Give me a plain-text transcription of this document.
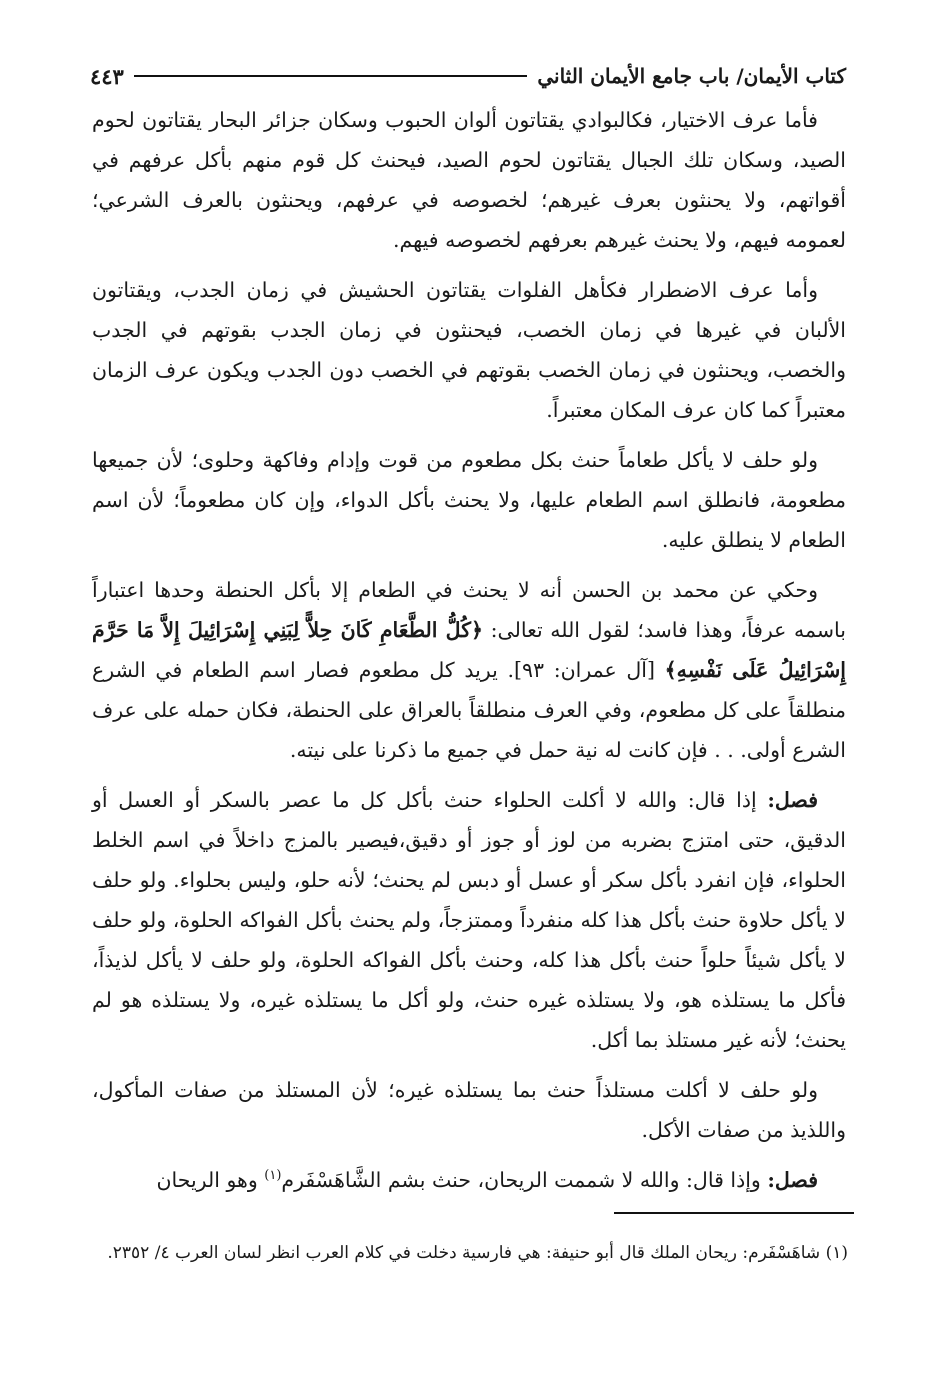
كتاب الأيمان/ باب جامع الأيمان الثاني
٤٤٣

فأما عرف الاختيار، فكالبوادي يقتاتون ألوان الحبوب وسكان جزائر البحار يقتاتون لحوم الصيد، وسكان تلك الجبال يقتاتون لحوم الصيد، فيحنث كل قوم منهم بأكل عرفهم في أقواتهم، ولا يحنثون بعرف غيرهم؛ لخصوصه في عرفهم، ويحنثون بالعرف الشرعي؛ لعمومه فيهم، ولا يحنث غيرهم بعرفهم لخصوصه فيهم.

وأما عرف الاضطرار فكأهل الفلوات يقتاتون الحشيش في زمان الجدب، ويقتاتون الألبان في غيرها في زمان الخصب، فيحنثون في زمان الجدب بقوتهم في الجدب والخصب، ويحنثون في زمان الخصب بقوتهم في الخصب دون الجدب ويكون عرف الزمان معتبراً كما كان عرف المكان معتبراً.

ولو حلف لا يأكل طعاماً حنث بكل مطعوم من قوت وإدام وفاكهة وحلوى؛ لأن جميعها مطعومة، فانطلق اسم الطعام عليها، ولا يحنث بأكل الدواء، وإن كان مطعوماً؛ لأن اسم الطعام لا ينطلق عليه.

وحكي عن محمد بن الحسن أنه لا يحنث في الطعام إلا بأكل الحنطة وحدها اعتباراً باسمه عرفاً، وهذا فاسد؛ لقول الله تعالى: ﴿كُلُّ الطَّعَامِ كَانَ حِلاًّ لِبَنِي إِسْرَائِيلَ إِلاَّ مَا حَرَّمَ إِسْرَائِيلُ عَلَى نَفْسِهِ﴾ [آل عمران: ٩٣]. يريد كل مطعوم فصار اسم الطعام في الشرع منطلقاً على كل مطعوم، وفي العرف منطلقاً بالعراق على الحنطة، فكان حمله على عرف الشرع أولى. . . فإن كانت له نية حمل في جميع ما ذكرنا على نيته.

فصل: إذا قال: والله لا أكلت الحلواء حنث بأكل كل ما عصر بالسكر أو العسل أو الدقيق، حتى امتزج بضربه من لوز أو جوز أو دقيق،فيصير بالمزج داخلاً في اسم الخلط الحلواء، فإن انفرد بأكل سكر أو عسل أو دبس لم يحنث؛ لأنه حلو، وليس بحلواء. ولو حلف لا يأكل حلاوة حنث بأكل هذا كله منفرداً وممتزجاً، ولم يحنث بأكل الفواكه الحلوة، ولو حلف لا يأكل شيئاً حلواً حنث بأكل هذا كله، وحنث بأكل الفواكه الحلوة، ولو حلف لا يأكل لذيذاً، فأكل ما يستلذه هو، ولا يستلذه غيره حنث، ولو أكل ما يستلذه غيره، ولا يستلذه هو لم يحنث؛ لأنه غير مستلذ بما أكل.

ولو حلف لا أكلت مستلذاً حنث بما يستلذه غيره؛ لأن المستلذ من صفات المأكول، واللذيذ من صفات الأكل.

فصل: وإذا قال: والله لا شممت الريحان، حنث بشم الشَّاهَسْفَرم$^{(١)}$ وهو الريحان

(١) شاهَسْفَرم: ريحان الملك قال أبو حنيفة: هي فارسية دخلت في كلام العرب انظر لسان العرب ٤/ ٢٣٥٢.
